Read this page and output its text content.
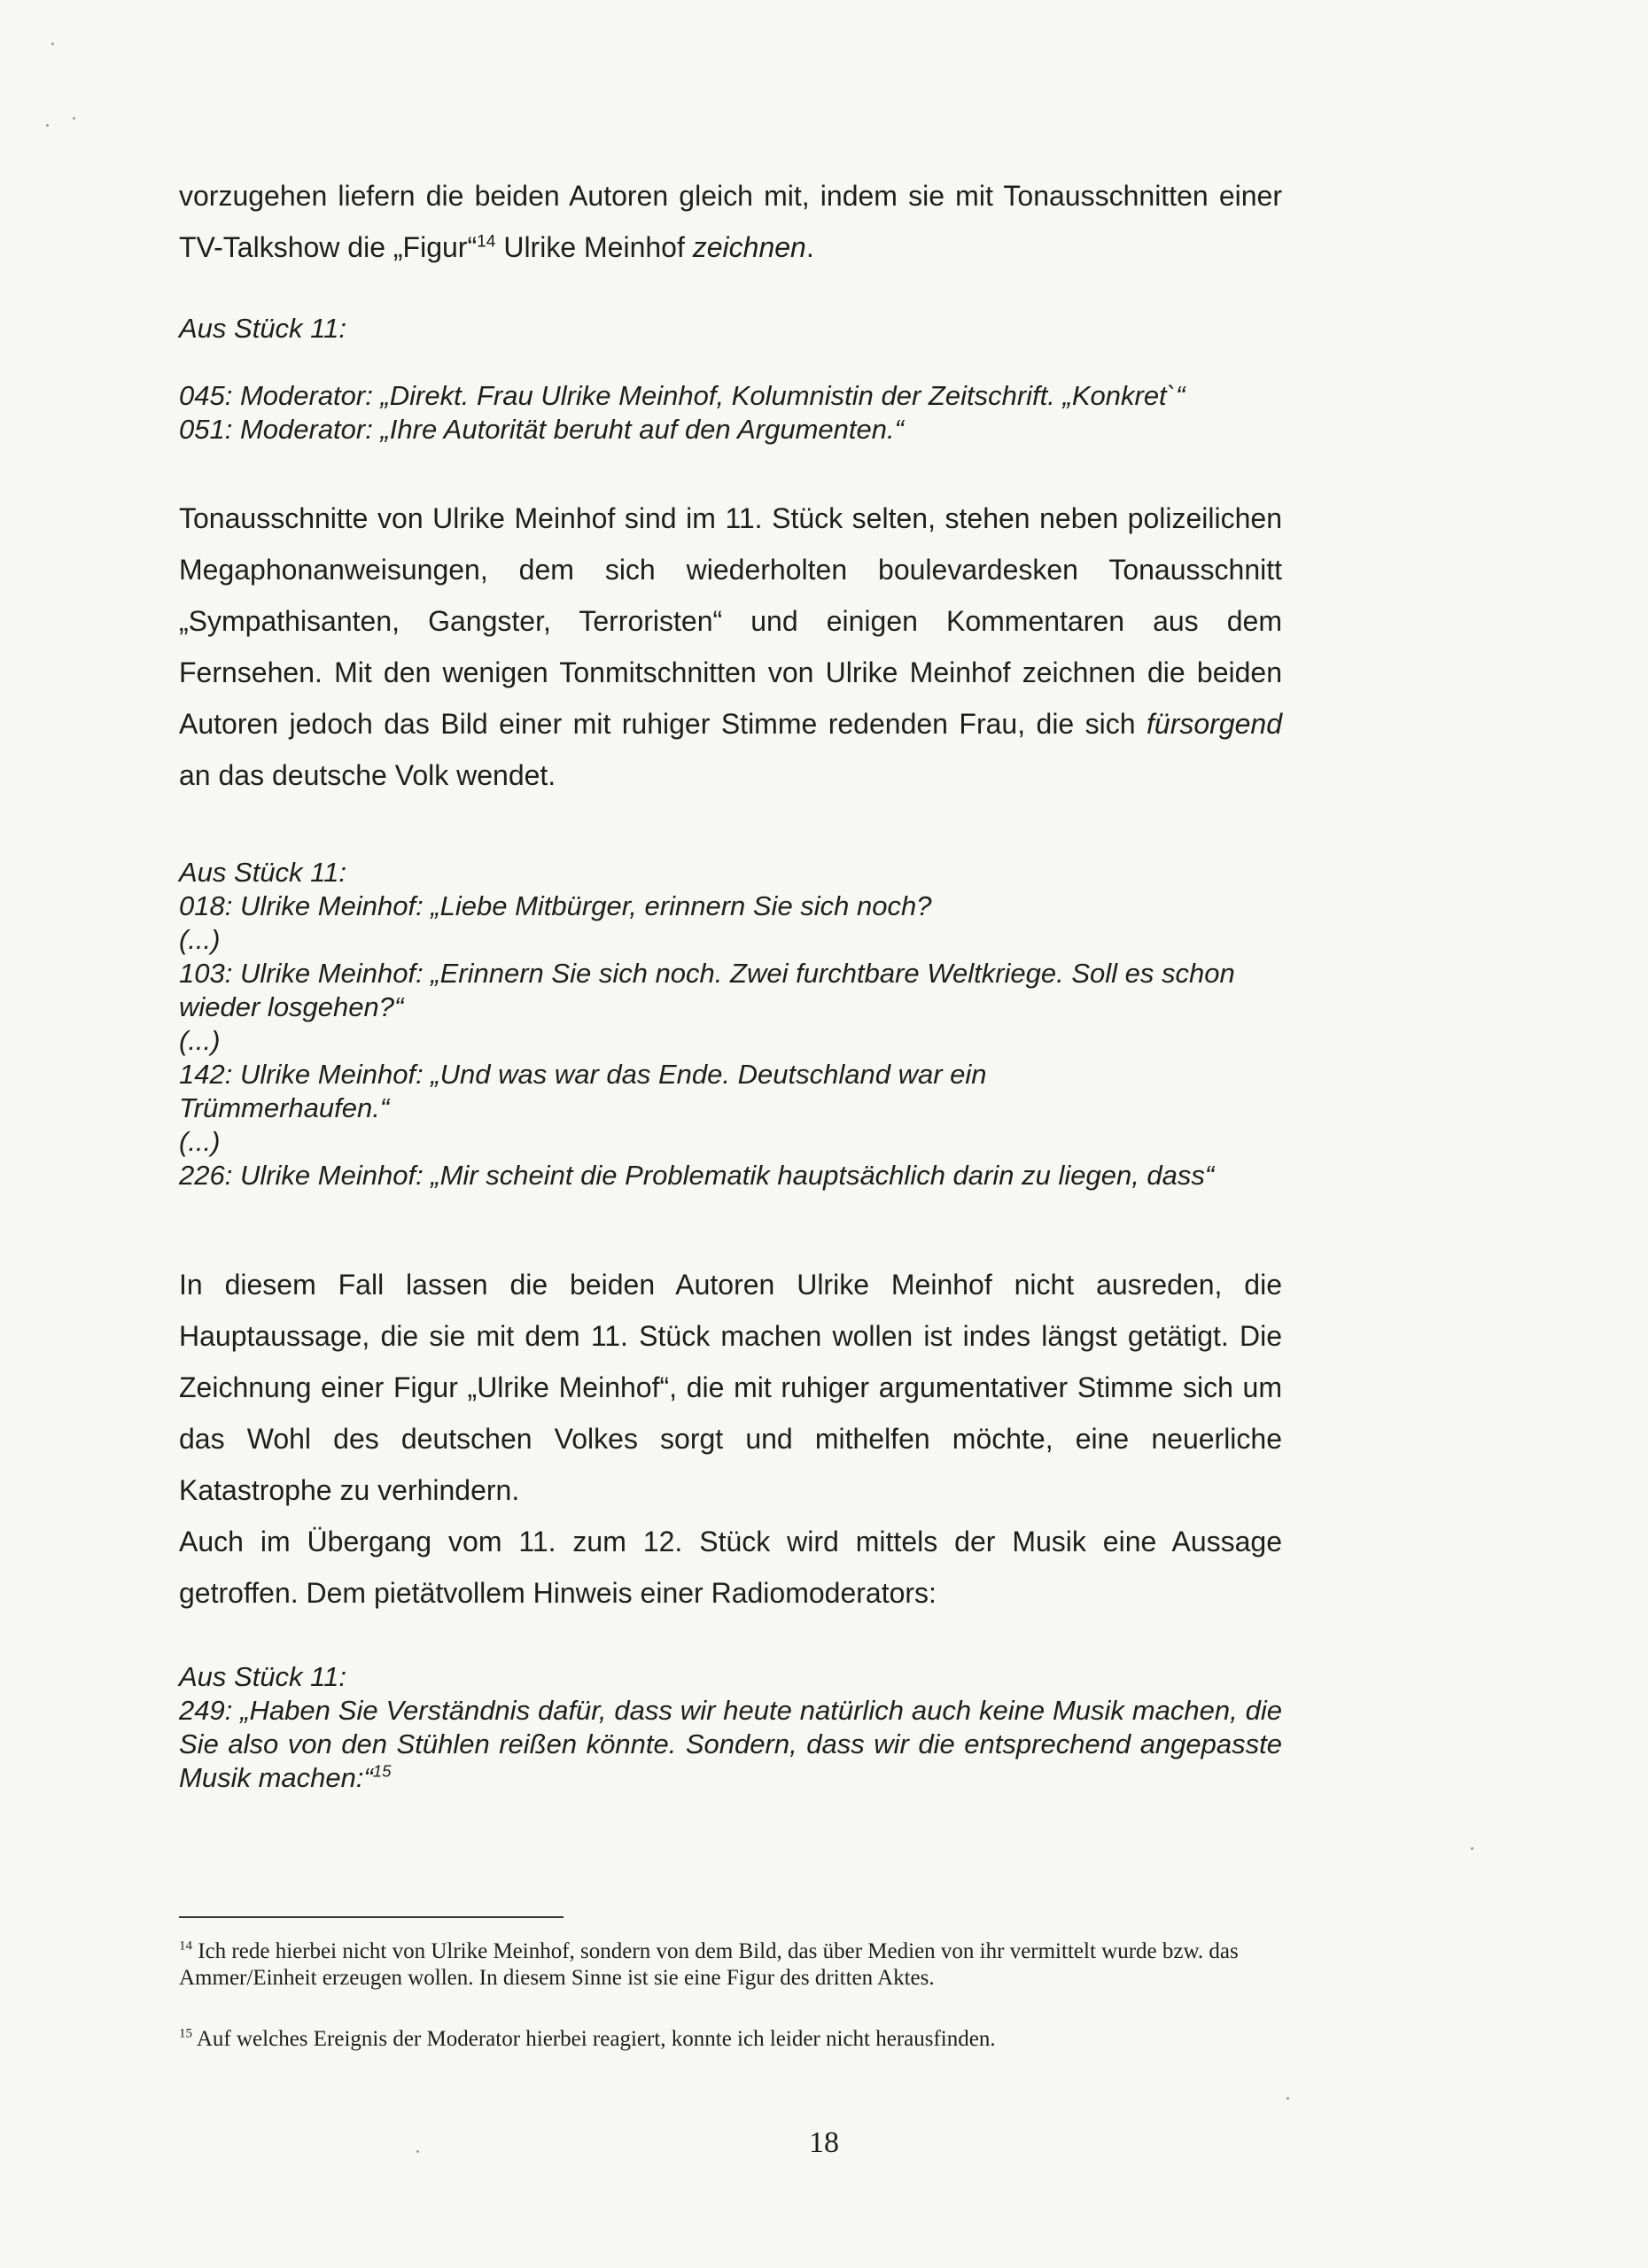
vorzugehen liefern die beiden Autoren gleich mit, indem sie mit Tonausschnitten einer TV-Talkshow die „Figur“$^{14}$ Ulrike Meinhof zeichnen.

Aus Stück 11:
045: Moderator: „Direkt. Frau Ulrike Meinhof, Kolumnistin der Zeitschrift. „Konkret`“
051: Moderator: „Ihre Autorität beruht auf den Argumenten.“

Tonausschnitte von Ulrike Meinhof sind im 11. Stück selten, stehen neben polizeilichen Megaphonanweisungen, dem sich wiederholten boulevardesken Tonausschnitt „Sympathisanten, Gangster, Terroristen“ und einigen Kommentaren aus dem Fernsehen. Mit den wenigen Tonmitschnitten von Ulrike Meinhof zeichnen die beiden Autoren jedoch das Bild einer mit ruhiger Stimme redenden Frau, die sich fürsorgend an das deutsche Volk wendet.

Aus Stück 11:
018: Ulrike Meinhof: „Liebe Mitbürger, erinnern Sie sich noch?
(...)
103: Ulrike Meinhof: „Erinnern Sie sich noch. Zwei furchtbare Weltkriege. Soll es schon wieder losgehen?“
(...)
142: Ulrike Meinhof: „Und was war das Ende. Deutschland war ein Trümmerhaufen.“
(...)
226: Ulrike Meinhof: „Mir scheint die Problematik hauptsächlich darin zu liegen, dass“

In diesem Fall lassen die beiden Autoren Ulrike Meinhof nicht ausreden, die Hauptaussage, die sie mit dem 11. Stück machen wollen ist indes längst getätigt. Die Zeichnung einer Figur „Ulrike Meinhof“, die mit ruhiger argumentativer Stimme sich um das Wohl des deutschen Volkes sorgt und mithelfen möchte, eine neuerliche Katastrophe zu verhindern.

Auch im Übergang vom 11. zum 12. Stück wird mittels der Musik eine Aussage getroffen. Dem pietätvollem Hinweis einer Radiomoderators:

Aus Stück 11:
249: „Haben Sie Verständnis dafür, dass wir heute natürlich auch keine Musik machen, die Sie also von den Stühlen reißen könnte. Sondern, dass wir die entsprechend angepasste Musik machen:“$^{15}$

$^{14}$ Ich rede hierbei nicht von Ulrike Meinhof, sondern von dem Bild, das über Medien von ihr vermittelt wurde bzw. das Ammer/Einheit erzeugen wollen. In diesem Sinne ist sie eine Figur des dritten Aktes.

$^{15}$ Auf welches Ereignis der Moderator hierbei reagiert, konnte ich leider nicht herausfinden.

18
